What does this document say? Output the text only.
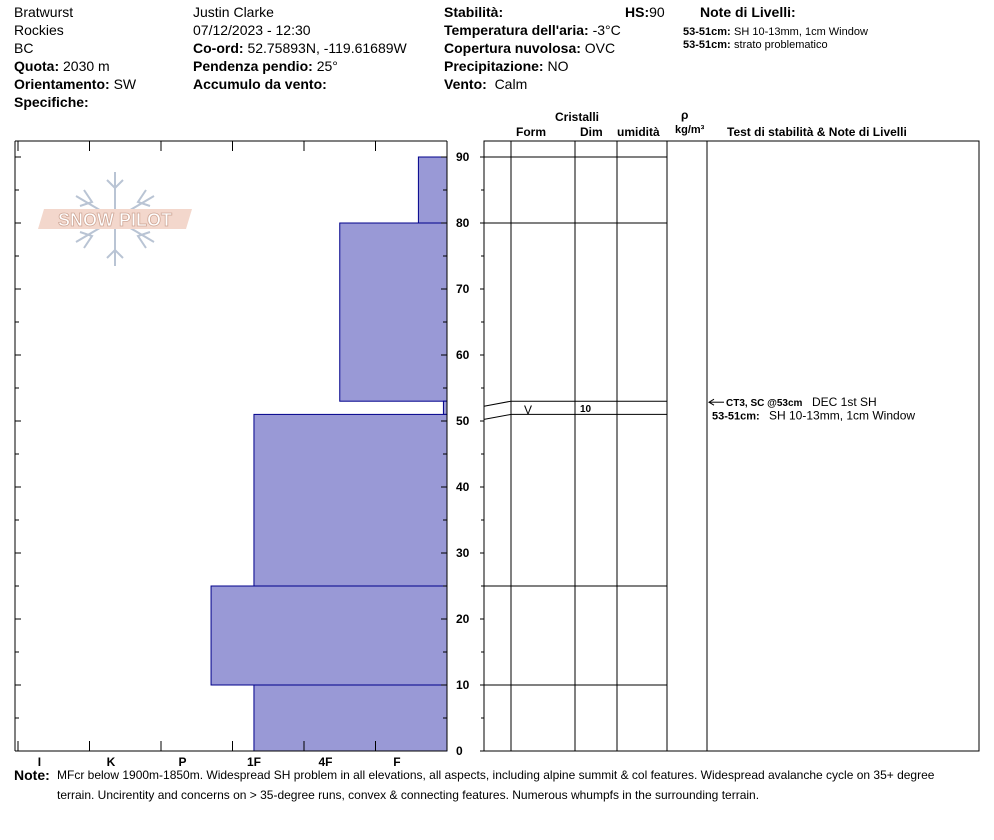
Bratwurst
Rockies
BC
Quota: 2030 m
Orientamento: SW
Specifiche:
Justin Clarke
07/12/2023 - 12:30
Co-ord: 52.75893N, -119.61689W
Pendenza pendio: 25°
Accumulo da vento:
Stabilità:	HS:90
Temperatura dell'aria: -3°C
Copertura nuvolosa: OVC
Precipitazione: NO
Vento: Calm
Note di Livelli:
53-51cm: SH 10-13mm, 1cm Window
53-51cm: strato problematico
Cristalli
Form	Dim umidità
ρ
kg/m³ Test di stabilità & Note di Livelli
SNOW PILOT
I	K	P	1F	4F	F
0
10
20
30
40
50
60
70
80
90
V	10
CT3, SC @53cm DEC 1st SH
53-51cm: SH 10-13mm, 1cm Window
Note: MFcr below 1900m-1850m. Widespread SH problem in all elevations, all aspects, including alpine summit & col features. Widespread avalanche cycle on 35+ degree
terrain. Uncirentity and concerns on > 35-degree runs, convex & connecting features. Numerous whumpfs in the surrounding terrain.
